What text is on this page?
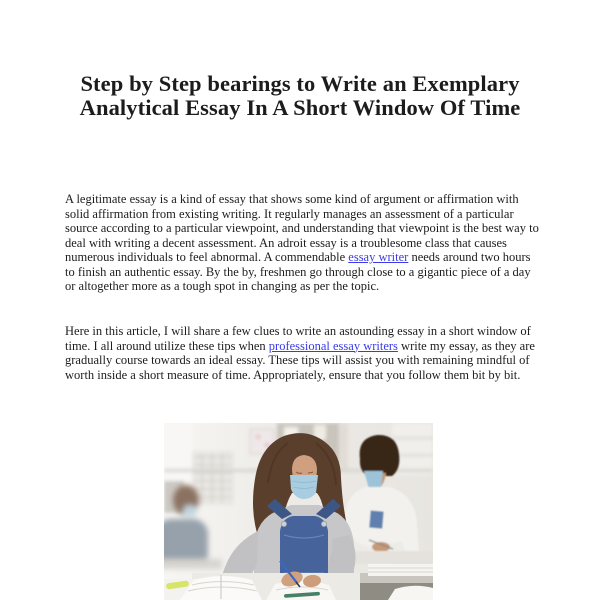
Step by Step bearings to Write an Exemplary
Analytical Essay In A Short Window Of Time

A legitimate essay is a kind of essay that shows some kind of argument or affirmation with solid affirmation from existing writing. It regularly manages an assessment of a particular source according to a particular viewpoint, and understanding that viewpoint is the best way to deal with writing a decent assessment. An adroit essay is a troublesome class that causes numerous individuals to feel abnormal. A commendable essay writer needs around two hours to finish an authentic essay. By the by, freshmen go through close to a gigantic piece of a day or altogether more as a tough spot in changing as per the topic.

Here in this article, I will share a few clues to write an astounding essay in a short window of time. I all around utilize these tips when professional essay writers write my essay, as they are gradually course towards an ideal essay. These tips will assist you with remaining mindful of worth inside a short measure of time. Appropriately, ensure that you follow them bit by bit.
